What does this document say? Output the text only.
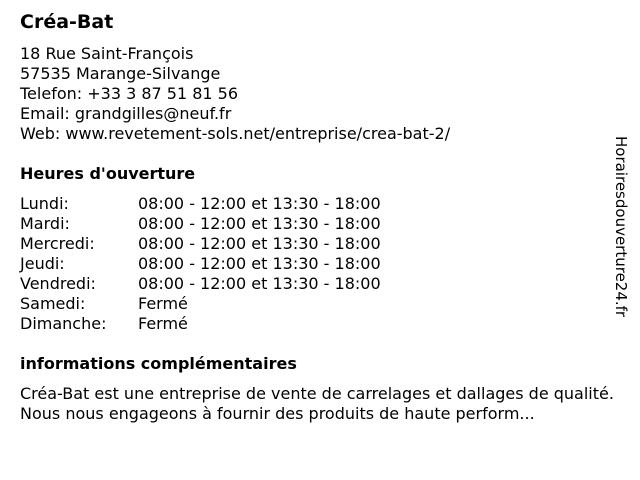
Créa-Bat
18 Rue Saint-François
57535 Marange-Silvange
Telefon: +33 3 87 51 81 56
Email: grandgilles@neuf.fr
Web: www.revetement-sols.net/entreprise/crea-bat-2/
Heures d'ouverture
Lundi:	08:00 - 12:00 et 13:30 - 18:00
Mardi:	08:00 - 12:00 et 13:30 - 18:00
Mercredi:	08:00 - 12:00 et 13:30 - 18:00
Jeudi:	08:00 - 12:00 et 13:30 - 18:00
Vendredi:	08:00 - 12:00 et 13:30 - 18:00
Samedi:	Fermé
Dimanche: Fermé
informations complémentaires
Créa-Bat est une entreprise de vente de carrelages et dallages de qualité. Nous nous engageons à fournir des produits de haute perform...
Horairesdouverture24.fr
